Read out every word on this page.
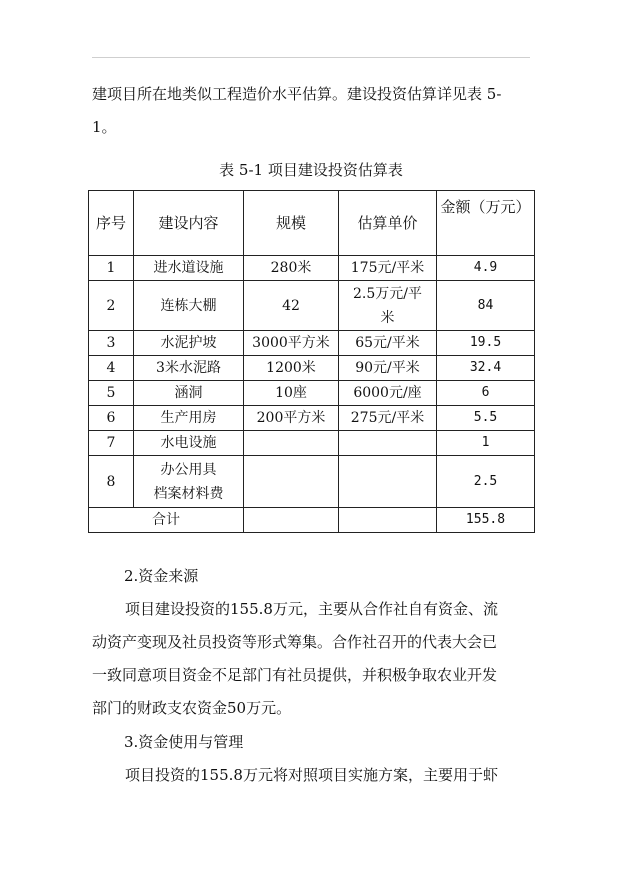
建项目所在地类似工程造价水平估算。建设投资估算详见表 5-

1。

表 5-1 项目建设投资估算表
序号	建设内容	规模	估算单价	金额（万元）
1	进水道设施	280米	175元/平米	4.9
2	连栋大棚	42	2.5万元/平
米	84
3	水泥护坡	3000平方米	65元/平米	19.5
4	3米水泥路	1200米	90元/平米	32.4
5	涵洞	10座	6000元/座	6
6	生产用房	200平方米	275元/平米	5.5
7	水电设施			1
8	办公用具
档案材料费			2.5
合计				155.8

2.资金来源

项目建设投资的155.8万元，主要从合作社自有资金、流

动资产变现及社员投资等形式筹集。合作社召开的代表大会已

一致同意项目资金不足部门有社员提供，并积极争取农业开发

部门的财政支农资金50万元。

3.资金使用与管理

项目投资的155.8万元将对照项目实施方案，主要用于虾
